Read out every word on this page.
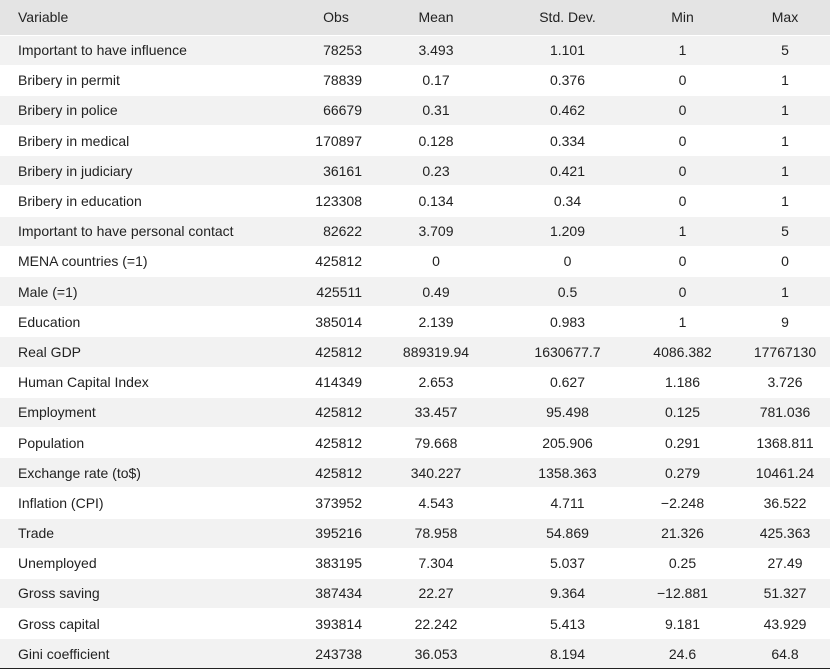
Variable	Obs	Mean	Std. Dev.	Min	Max
Important to have influence	78253	3.493	1.101	1	5
Bribery in permit	78839	0.17	0.376	0	1
Bribery in police	66679	0.31	0.462	0	1
Bribery in medical	170897	0.128	0.334	0	1
Bribery in judiciary	36161	0.23	0.421	0	1
Bribery in education	123308	0.134	0.34	0	1
Important to have personal contact	82622	3.709	1.209	1	5
MENA countries (=1)	425812	0	0	0	0
Male (=1)	425511	0.49	0.5	0	1
Education	385014	2.139	0.983	1	9
Real GDP	425812	889319.94	1630677.7	4086.382	17767130
Human Capital Index	414349	2.653	0.627	1.186	3.726
Employment	425812	33.457	95.498	0.125	781.036
Population	425812	79.668	205.906	0.291	1368.811
Exchange rate (to$)	425812	340.227	1358.363	0.279	10461.24
Inflation (CPI)	373952	4.543	4.711	−2.248	36.522
Trade	395216	78.958	54.869	21.326	425.363
Unemployed	383195	7.304	5.037	0.25	27.49
Gross saving	387434	22.27	9.364	−12.881	51.327
Gross capital	393814	22.242	5.413	9.181	43.929
Gini coefficient	243738	36.053	8.194	24.6	64.8
